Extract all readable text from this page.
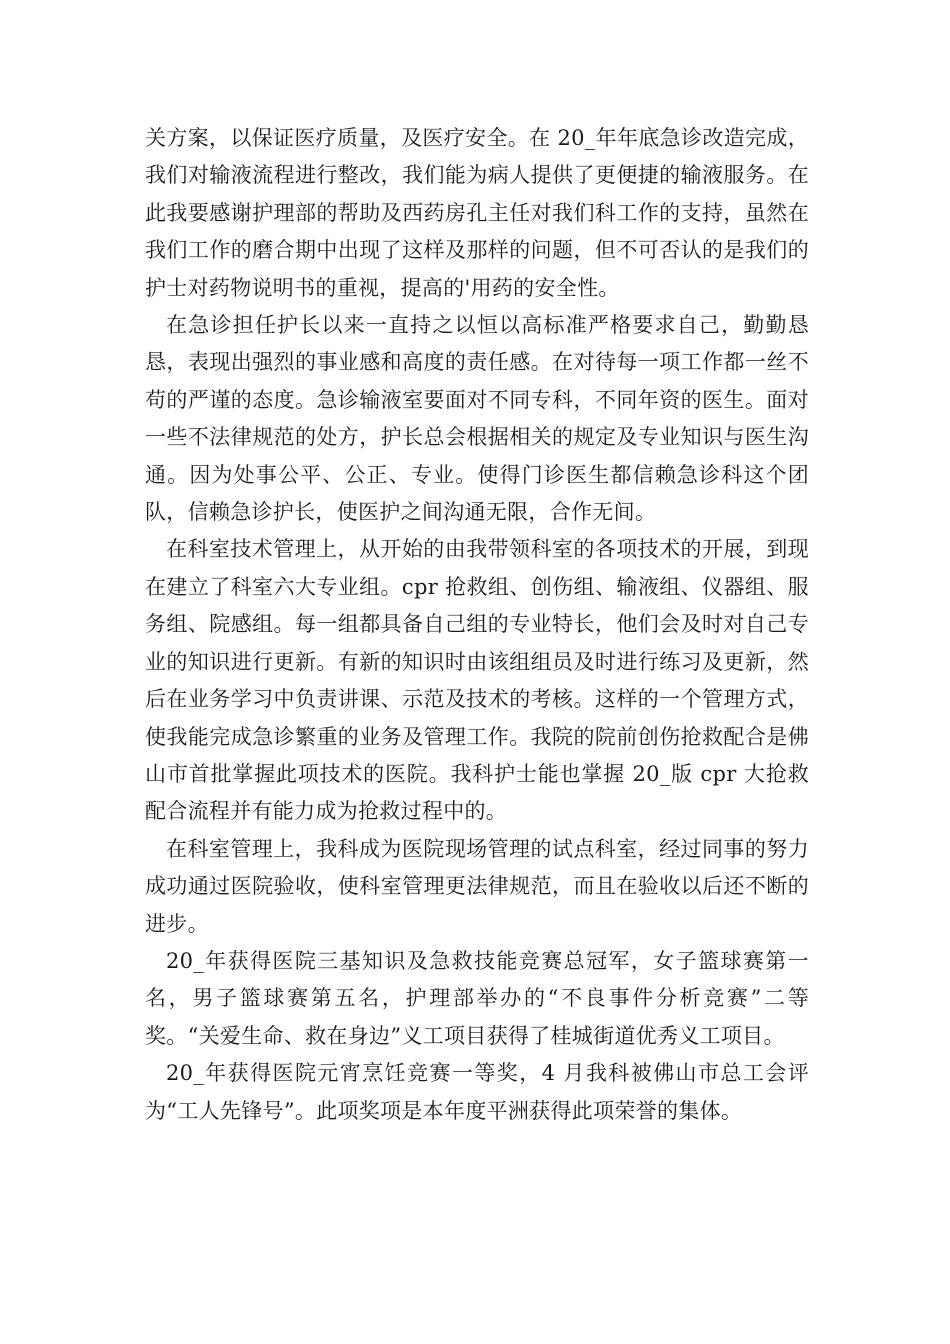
关方案，以保证医疗质量，及医疗安全。在 20_年年底急诊改造完成，我们对输液流程进行整改，我们能为病人提供了更便捷的输液服务。在此我要感谢护理部的帮助及西药房孔主任对我们科工作的支持，虽然在我们工作的磨合期中出现了这样及那样的问题，但不可否认的是我们的护士对药物说明书的重视，提高的'用药的安全性。

在急诊担任护长以来一直持之以恒以高标准严格要求自己，勤勤恳恳，表现出强烈的事业感和高度的责任感。在对待每一项工作都一丝不苟的严谨的态度。急诊输液室要面对不同专科，不同年资的医生。面对一些不法律规范的处方，护长总会根据相关的规定及专业知识与医生沟通。因为处事公平、公正、专业。使得门诊医生都信赖急诊科这个团队，信赖急诊护长，使医护之间沟通无限，合作无间。

在科室技术管理上，从开始的由我带领科室的各项技术的开展，到现在建立了科室六大专业组。cpr 抢救组、创伤组、输液组、仪器组、服务组、院感组。每一组都具备自己组的专业特长，他们会及时对自己专业的知识进行更新。有新的知识时由该组组员及时进行练习及更新，然后在业务学习中负责讲课、示范及技术的考核。这样的一个管理方式，使我能完成急诊繁重的业务及管理工作。我院的院前创伤抢救配合是佛山市首批掌握此项技术的医院。我科护士能也掌握 20_版 cpr 大抢救配合流程并有能力成为抢救过程中的。

在科室管理上，我科成为医院现场管理的试点科室，经过同事的努力成功通过医院验收，使科室管理更法律规范，而且在验收以后还不断的进步。

20_年获得医院三基知识及急救技能竞赛总冠军，女子篮球赛第一名，男子篮球赛第五名，护理部举办的“不良事件分析竞赛”二等奖。“关爱生命、救在身边”义工项目获得了桂城街道优秀义工项目。

20_年获得医院元宵烹饪竞赛一等奖，4 月我科被佛山市总工会评为“工人先锋号”。此项奖项是本年度平洲获得此项荣誉的集体。
